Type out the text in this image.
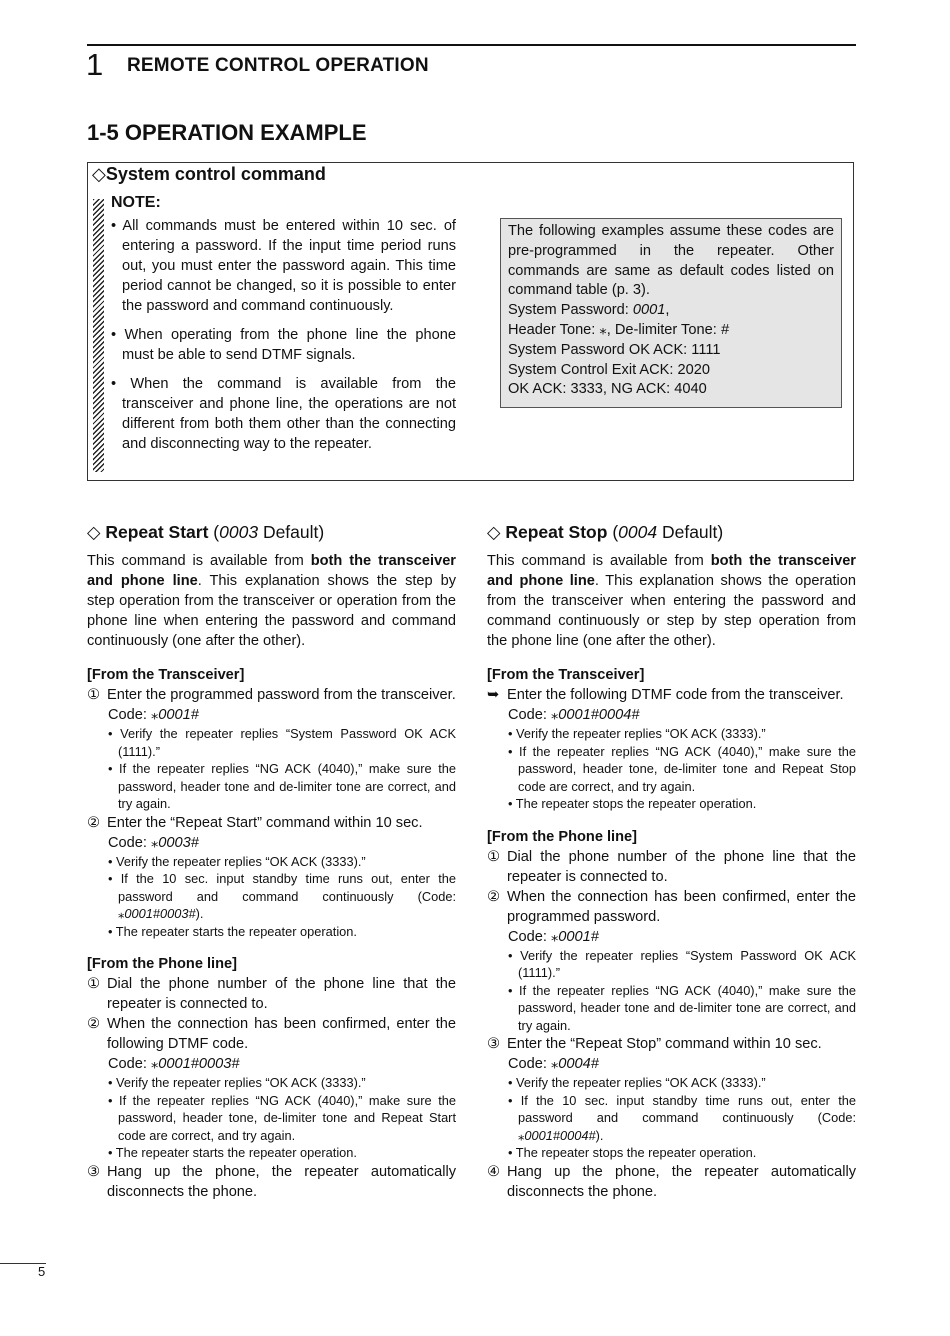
1 REMOTE CONTROL OPERATION
1-5 OPERATION EXAMPLE
◇System control command
NOTE:
• All commands must be entered within 10 sec. of entering a password. If the input time period runs out, you must enter the password again. This time period cannot be changed, so it is possible to enter the password and command continuously.
• When operating from the phone line the phone must be able to send DTMF signals.
• When the command is available from the transceiver and phone line, the operations are not different from both them other than the connecting and disconnecting way to the repeater.
The following examples assume these codes are pre-programmed in the repeater. Other commands are same as default codes listed on command table (p. 3).
System Password: 0001,
Header Tone: ⁎, De-limiter Tone: #
System Password OK ACK: 1111
System Control Exit ACK: 2020
OK ACK: 3333, NG ACK: 4040
◇ Repeat Start (0003 Default)
This command is available from both the transceiver and phone line. This explanation shows the step by step operation from the transceiver or operation from the phone line when entering the password and command continuously (one after the other).
[From the Transceiver]
① Enter the programmed password from the transceiver.
Code: ⁎0001#
• Verify the repeater replies “System Password OK ACK (1111).”
• If the repeater replies “NG ACK (4040),” make sure the password, header tone and de-limiter tone are correct, and try again.
② Enter the “Repeat Start” command within 10 sec.
Code: ⁎0003#
• Verify the repeater replies “OK ACK (3333).”
• If the 10 sec. input standby time runs out, enter the password and command continuously (Code: ⁎0001#0003#).
• The repeater starts the repeater operation.
[From the Phone line]
① Dial the phone number of the phone line that the repeater is connected to.
② When the connection has been confirmed, enter the following DTMF code.
Code: ⁎0001#0003#
• Verify the repeater replies “OK ACK (3333).”
• If the repeater replies “NG ACK (4040),” make sure the password, header tone, de-limiter tone and Repeat Start code are correct, and try again.
• The repeater starts the repeater operation.
③ Hang up the phone, the repeater automatically disconnects the phone.
◇ Repeat Stop (0004 Default)
This command is available from both the transceiver and phone line. This explanation shows the operation from the transceiver when entering the password and command continuously or step by step operation from the phone line (one after the other).
[From the Transceiver]
➥ Enter the following DTMF code from the transceiver.
Code: ⁎0001#0004#
• Verify the repeater replies “OK ACK (3333).”
• If the repeater replies “NG ACK (4040),” make sure the password, header tone, de-limiter tone and Repeat Stop code are correct, and try again.
• The repeater stops the repeater operation.
[From the Phone line]
① Dial the phone number of the phone line that the repeater is connected to.
② When the connection has been confirmed, enter the programmed password.
Code: ⁎0001#
• Verify the repeater replies “System Password OK ACK (1111).”
• If the repeater replies “NG ACK (4040),” make sure the password, header tone and de-limiter tone are correct, and try again.
③ Enter the “Repeat Stop” command within 10 sec.
Code: ⁎0004#
• Verify the repeater replies “OK ACK (3333).”
• If the 10 sec. input standby time runs out, enter the password and command continuously (Code: ⁎0001#0004#).
• The repeater stops the repeater operation.
④ Hang up the phone, the repeater automatically disconnects the phone.
5
